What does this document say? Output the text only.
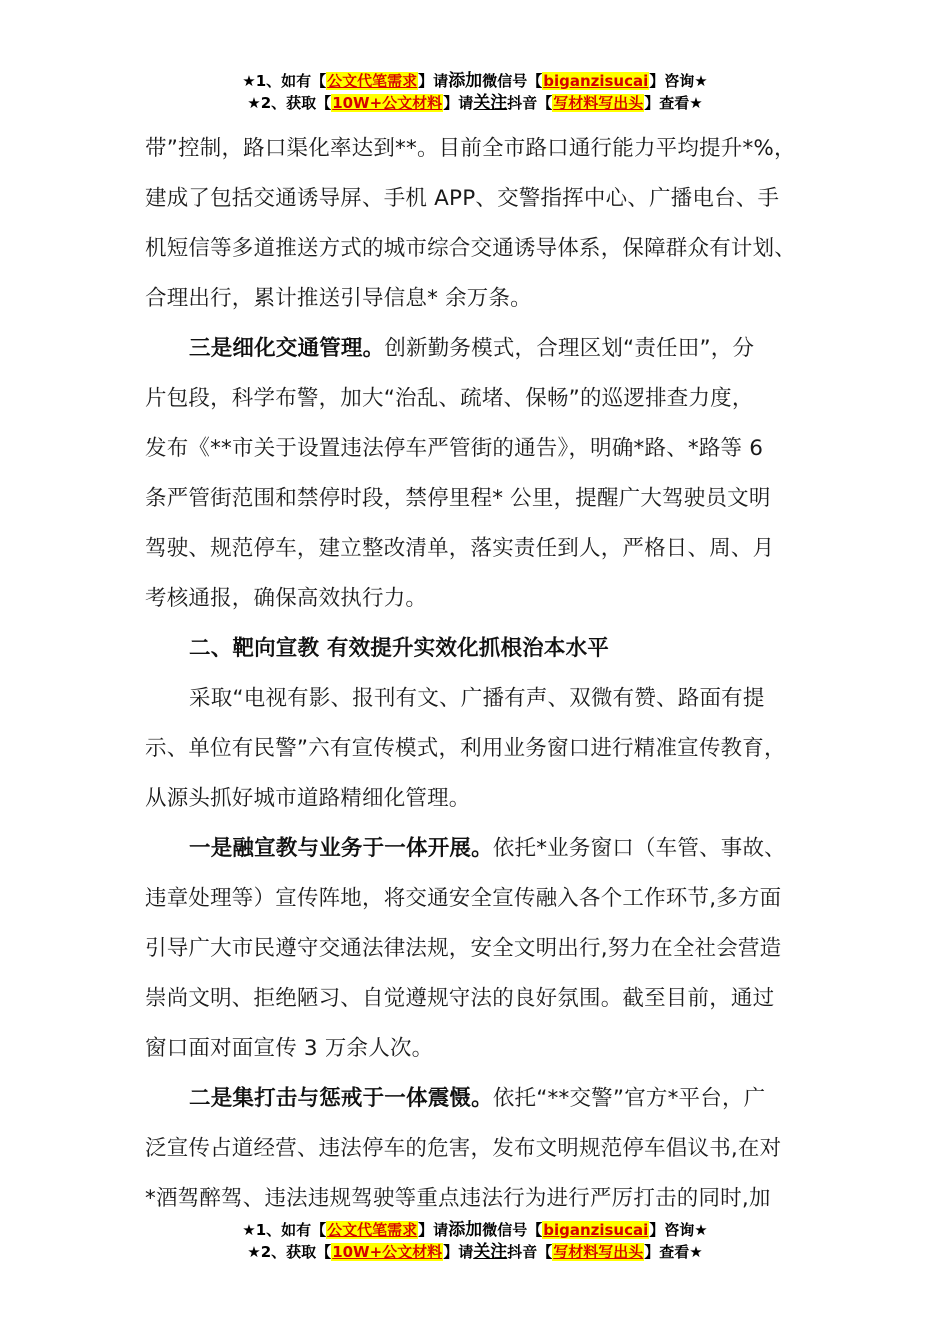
★1、如有【公文代笔需求】请添加微信号【biganzisucai】咨询★
★2、获取【10W+公文材料】请关注抖音【写材料写出头】查看★
带”控制，路口渠化率达到**。目前全市路口通行能力平均提升*%，
建成了包括交通诱导屏、手机 APP、交警指挥中心、广播电台、手
机短信等多道推送方式的城市综合交通诱导体系，保障群众有计划、
合理出行，累计推送引导信息* 余万条。
三是细化交通管理。创新勤务模式，合理区划“责任田”，分
片包段，科学布警，加大“治乱、疏堵、保畅”的巡逻排查力度，
发布《**市关于设置违法停车严管街的通告》，明确*路、*路等 6
条严管街范围和禁停时段，禁停里程* 公里，提醒广大驾驶员文明
驾驶、规范停车，建立整改清单，落实责任到人，严格日、周、月
考核通报，确保高效执行力。
二、靶向宣教 有效提升实效化抓根治本水平
采取“电视有影、报刊有文、广播有声、双微有赞、路面有提
示、单位有民警”六有宣传模式，利用业务窗口进行精准宣传教育，
从源头抓好城市道路精细化管理。
一是融宣教与业务于一体开展。依托*业务窗口（车管、事故、
违章处理等）宣传阵地，将交通安全宣传融入各个工作环节,多方面
引导广大市民遵守交通法律法规，安全文明出行,努力在全社会营造
崇尚文明、拒绝陋习、自觉遵规守法的良好氛围。截至目前，通过
窗口面对面宣传 3 万余人次。
二是集打击与惩戒于一体震慑。依托“**交警”官方*平台，广
泛宣传占道经营、违法停车的危害，发布文明规范停车倡议书,在对
*酒驾醉驾、违法违规驾驶等重点违法行为进行严厉打击的同时,加
★1、如有【公文代笔需求】请添加微信号【biganzisucai】咨询★
★2、获取【10W+公文材料】请关注抖音【写材料写出头】查看★
